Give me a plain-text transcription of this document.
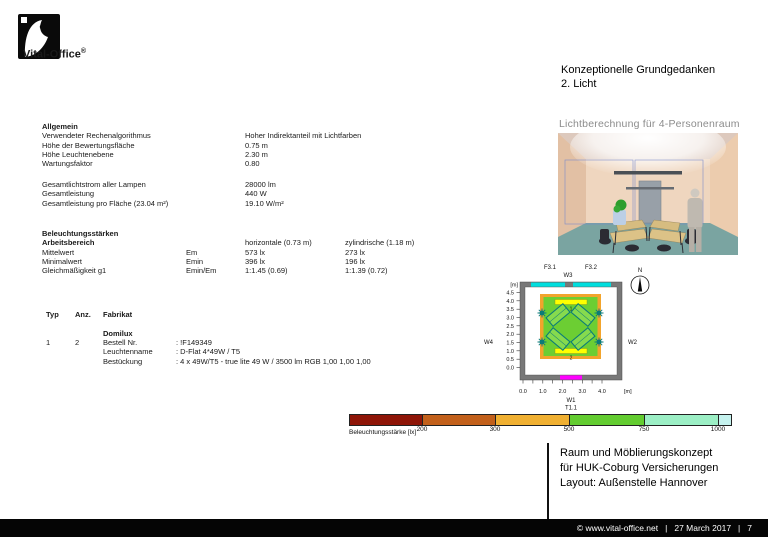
Vital-Office®
Konzeptionelle Grundgedanken
2. Licht
Lichtberechnung für 4-Personenraum
Allgemein
Verwendeter Rechenalgorithmus	Hoher Indirektanteil mit Lichtfarben
Höhe der Bewertungsfläche	0.75 m
Höhe Leuchtenebene	2.30 m
Wartungsfaktor	0.80
Gesamtlichtstrom aller Lampen	28000 lm
Gesamtleistung	440 W
Gesamtleistung pro Fläche (23.04 m²)	19.10 W/m²
Beleuchtungsstärken
Arbeitsbereich	horizontale (0.73 m)	zylindrische (1.18 m)
Mittelwert	Em	573 lx	273 lx
Minimalwert	Emin	396 lx	196 lx
Gleichmäßigkeit g1	Emin/Em	1:1.45 (0.69)	1:1.39 (0.72)
Typ Anz. Fabrikat
Domilux
1	2	Bestell Nr.	: !F149349
Leuchtenname	: D-Flat 4*49W / T5
Bestückung	: 4 x 49W/T5 - true lite 49 W / 3500 lm RGB 1,00 1,00 1,00
1
2
[m]
4.5
4.0
3.5
3.0
2.5
2.0
1.5
1.0
0.5
0.0
0.0 1.0 2.0 3.0 4.0	[m]
F3.1
W3
F3.2
W4	W2
W1
T1.1
N
200	300	500	750	1000
Beleuchtungsstärke [lx]
Raum und Möblierungskonzept
für HUK-Coburg Versicherungen
Layout: Außenstelle Hannover
© www.vital-office.net | 27 March 2017 | 7
